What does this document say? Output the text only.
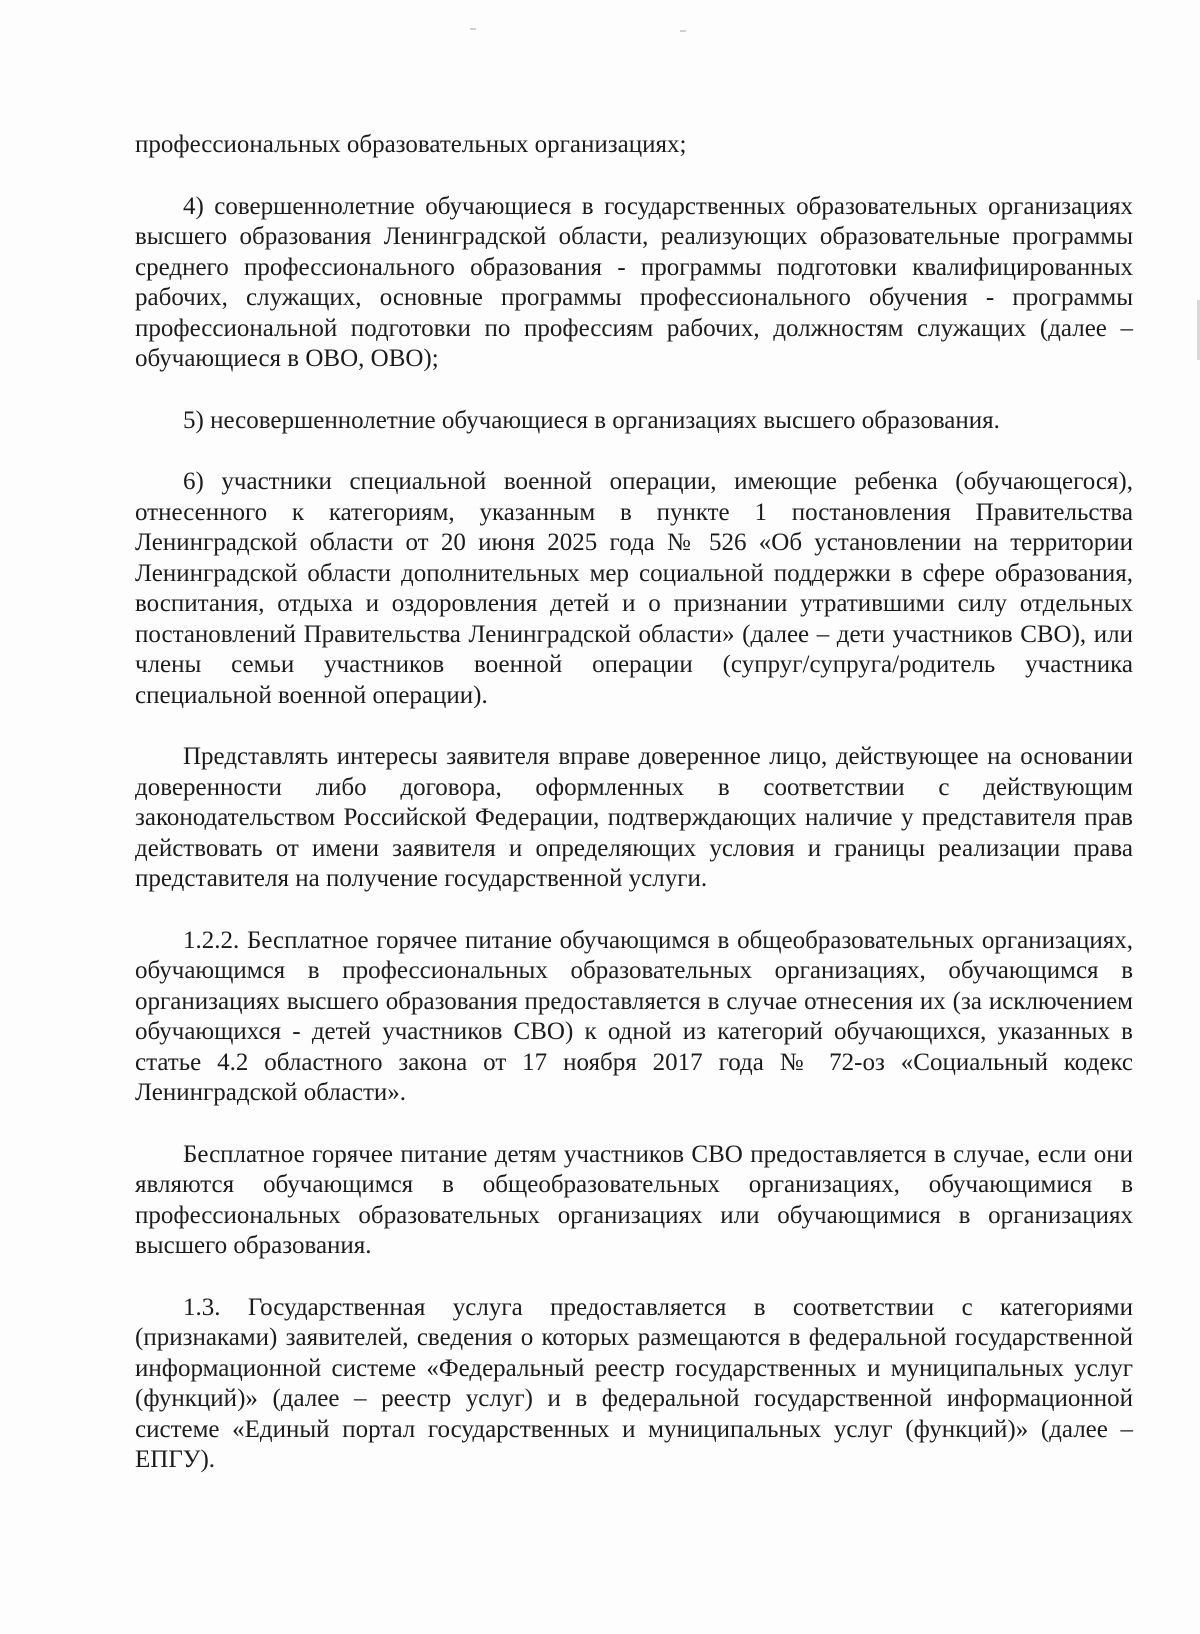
профессиональных образовательных организациях;

4) совершеннолетние обучающиеся в государственных образовательных организациях высшего образования Ленинградской области, реализующих образовательные программы среднего профессионального образования - программы подготовки квалифицированных рабочих, служащих, основные программы профессионального обучения - программы профессиональной подготовки по профессиям рабочих, должностям служащих (далее – обучающиеся в ОВО, ОВО);

5) несовершеннолетние обучающиеся в организациях высшего образования.

6) участники специальной военной операции, имеющие ребенка (обучающегося), отнесенного к категориям, указанным в пункте 1 постановления Правительства Ленинградской области от 20 июня 2025 года № 526 «Об установлении на территории Ленинградской области дополнительных мер социальной поддержки в сфере образования, воспитания, отдыха и оздоровления детей и о признании утратившими силу отдельных постановлений Правительства Ленинградской области» (далее – дети участников СВО), или члены семьи участников военной операции (супруг/супруга/родитель участника специальной военной операции).

Представлять интересы заявителя вправе доверенное лицо, действующее на основании доверенности либо договора, оформленных в соответствии с действующим законодательством Российской Федерации, подтверждающих наличие у представителя прав действовать от имени заявителя и определяющих условия и границы реализации права представителя на получение государственной услуги.

1.2.2. Бесплатное горячее питание обучающимся в общеобразовательных организациях, обучающимся в профессиональных образовательных организациях, обучающимся в организациях высшего образования предоставляется в случае отнесения их (за исключением обучающихся - детей участников СВО) к одной из категорий обучающихся, указанных в статье 4.2 областного закона от 17 ноября 2017 года № 72-оз «Социальный кодекс Ленинградской области».

Бесплатное горячее питание детям участников СВО предоставляется в случае, если они являются обучающимся в общеобразовательных организациях, обучающимися в профессиональных образовательных организациях или обучающимися в организациях высшего образования.

1.3. Государственная услуга предоставляется в соответствии с категориями (признаками) заявителей, сведения о которых размещаются в федеральной государственной информационной системе «Федеральный реестр государственных и муниципальных услуг (функций)» (далее – реестр услуг) и в федеральной государственной информационной системе «Единый портал государственных и муниципальных услуг (функций)» (далее – ЕПГУ).
